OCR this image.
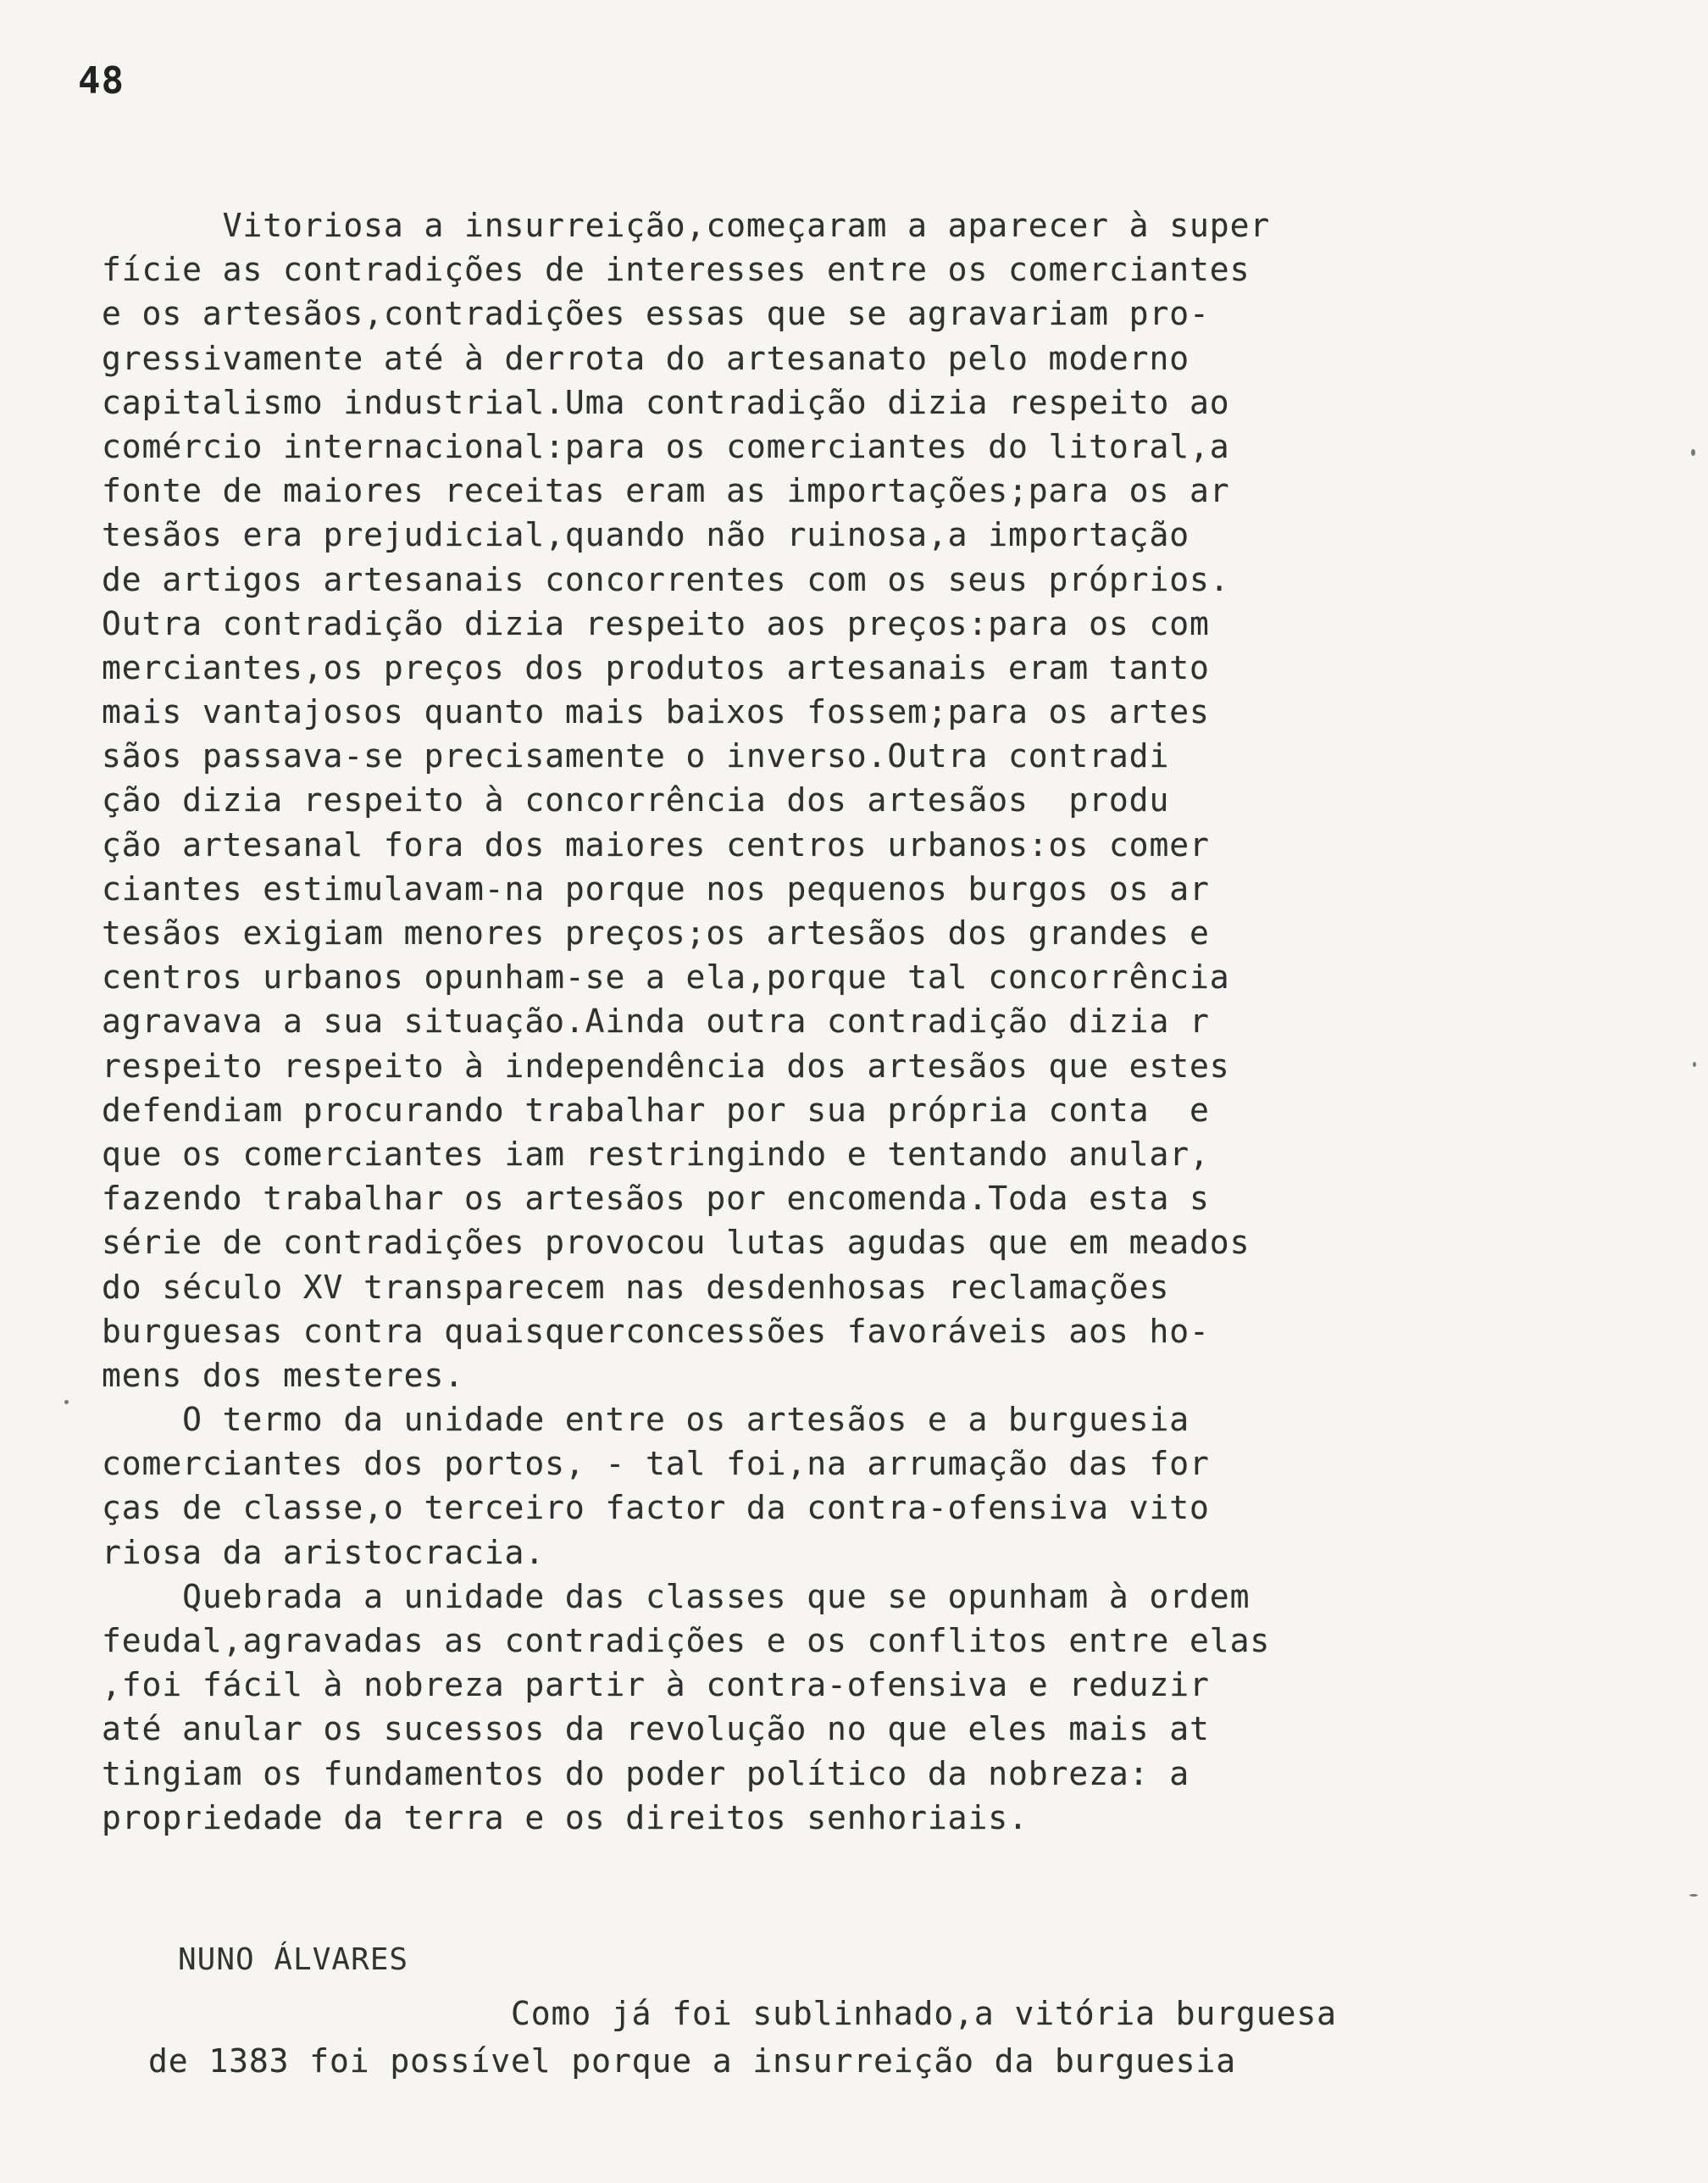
48
Vitoriosa a insurreição,começaram a aparecer à super
fície as contradições de interesses entre os comerciantes
e os artesãos,contradições essas que se agravariam pro-
gressivamente até à derrota do artesanato pelo moderno
capitalismo industrial.Uma contradição dizia respeito ao
comércio internacional:para os comerciantes do litoral,a
fonte de maiores receitas eram as importações;para os ar
tesãos era prejudicial,quando não ruinosa,a importação
de artigos artesanais concorrentes com os seus próprios.
Outra contradição dizia respeito aos preços:para os com
merciantes,os preços dos produtos artesanais eram tanto
mais vantajosos quanto mais baixos fossem;para os artes
sãos passava-se precisamente o inverso.Outra contradi
ção dizia respeito à concorrência dos artesãos  produ
ção artesanal fora dos maiores centros urbanos:os comer
ciantes estimulavam-na porque nos pequenos burgos os ar
tesãos exigiam menores preços;os artesãos dos grandes e
centros urbanos opunham-se a ela,porque tal concorrência
agravava a sua situação.Ainda outra contradição dizia r
respeito respeito à independência dos artesãos que estes
defendiam procurando trabalhar por sua própria conta  e
que os comerciantes iam restringindo e tentando anular,
fazendo trabalhar os artesãos por encomenda.Toda esta s
série de contradições provocou lutas agudas que em meados
do século XV transparecem nas desdenhosas reclamações
burguesas contra quaisquerconcessões favoráveis aos ho-
mens dos mesteres.
O termo da unidade entre os artesãos e a burguesia
comerciantes dos portos, - tal foi,na arrumação das for
ças de classe,o terceiro factor da contra-ofensiva vito
riosa da aristocracia.
Quebrada a unidade das classes que se opunham à ordem
feudal,agravadas as contradições e os conflitos entre elas
,foi fácil à nobreza partir à contra-ofensiva e reduzir
até anular os sucessos da revolução no que eles mais at
tingiam os fundamentos do poder político da nobreza: a
propriedade da terra e os direitos senhoriais.
NUNO ÁLVARES
Como já foi sublinhado,a vitória burguesa
de 1383 foi possível porque a insurreição da burguesia
